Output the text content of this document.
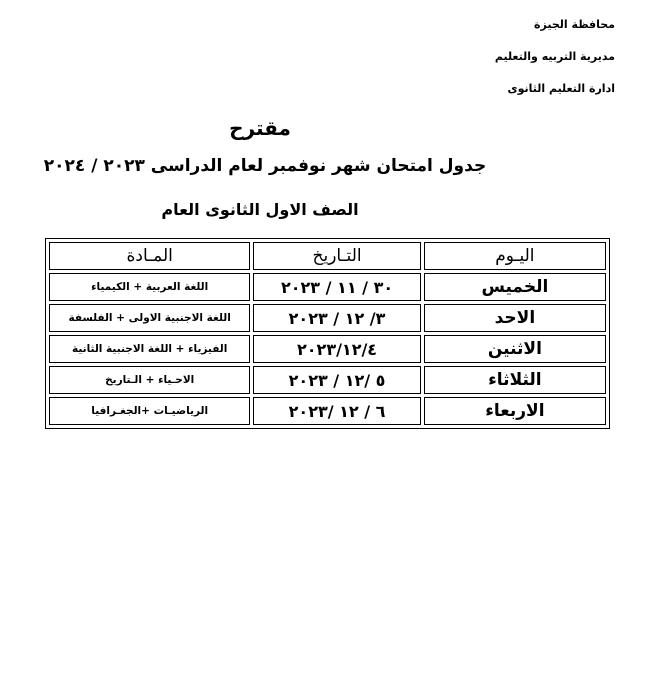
محافظة الجيزة
مديرية التربيه والتعليم
ادارة التعليم الثانوى
مقترح
جدول امتحان شهر نوفمبر لعام الدراسى ٢٠٢٣ / ٢٠٢٤
الصف الاول الثانوى العام
اليـوم	التـاريخ	المـادة
الخميس	٣٠ / ١١ / ٢٠٢٣	اللغة العربية + الكيمياء
الاحد	٣/ ١٢ / ٢٠٢٣	اللغة الاجنبية الاولى + الفلسفة
الاثنين	٢٠٢٣/١٢/٤	الفيزياء + اللغة الاجنبية الثانية
الثلاثاء	٥ /١٢ / ٢٠٢٣	الاحـياء + الـتاريخ
الاربعاء	٦ / ١٢ /٢٠٢٣	الرياضيـات +الجغـرافيا
